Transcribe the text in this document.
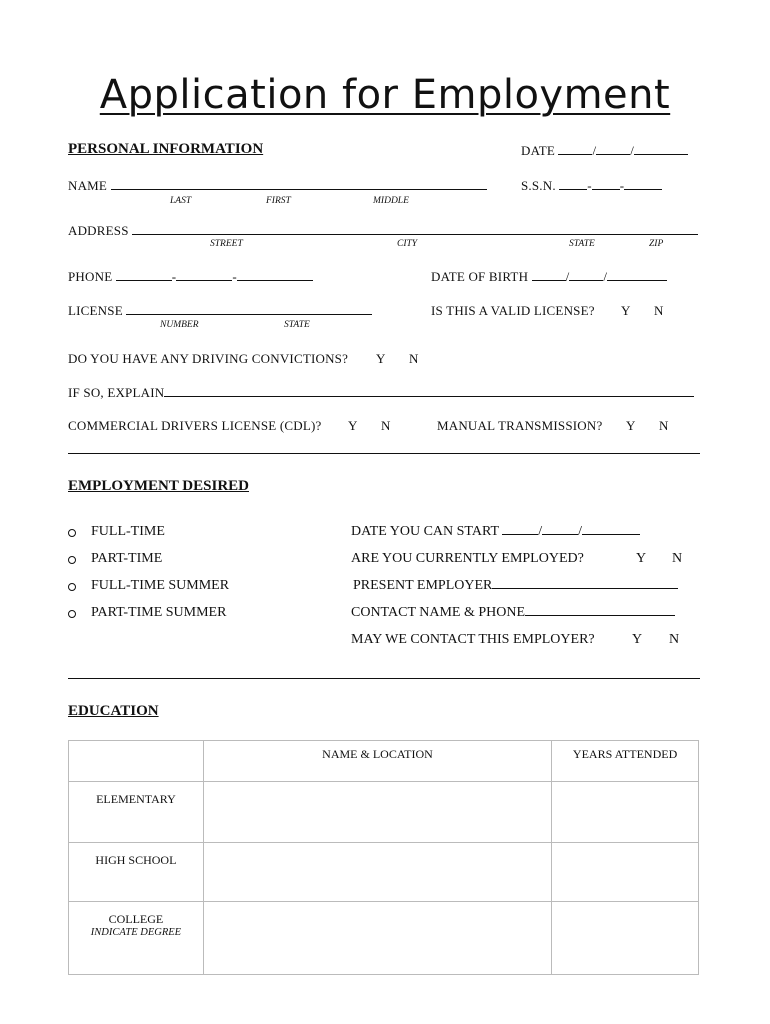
Application for Employment
PERSONAL INFORMATION	DATE	/	/
NAME
LAST	FIRST	MIDDLE
S.S.N. - -
ADDRESS
STREET	CITY	STATE	ZIP
PHONE	-	-	DATE OF BIRTH	/	/
LICENSE
NUMBER	STATE
IS THIS A VALID LICENSE? Y N
DO YOU HAVE ANY DRIVING CONVICTIONS? Y N
IF SO, EXPLAIN
COMMERCIAL DRIVERS LICENSE (CDL)? Y N	MANUAL TRANSMISSION? Y N
EMPLOYMENT DESIRED
FULL-TIME
PART-TIME
FULL-TIME SUMMER
PART-TIME SUMMER
DATE YOU CAN START	/	/
ARE YOU CURRENTLY EMPLOYED?	Y N
PRESENT EMPLOYER
CONTACT NAME & PHONE
MAY WE CONTACT THIS EMPLOYER?	Y N
EDUCATION
	NAME & LOCATION	YEARS ATTENDED
ELEMENTARY		
HIGH SCHOOL		

COLLEGE
INDICATE DEGREE		
